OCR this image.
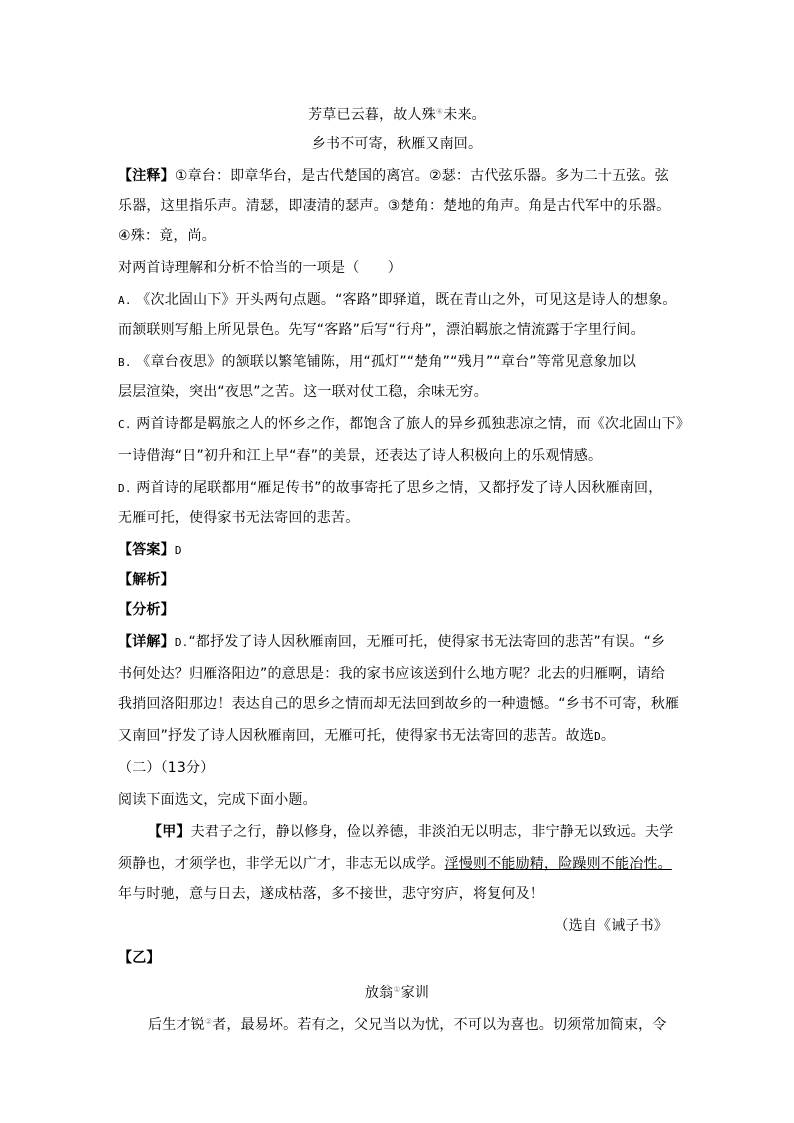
芳草已云暮，故人殊④未来。
乡书不可寄，秋雁又南回。
【注释】①章台：即章华台，是古代楚国的离宫。②瑟：古代弦乐器。多为二十五弦。弦
乐器，这里指乐声。清瑟，即凄清的瑟声。③楚角：楚地的角声。角是古代军中的乐器。
④殊：竟，尚。
对两首诗理解和分析不恰当的一项是（　　）
A. 《次北固山下》开头两句点题。“客路”即驿道，既在青山之外，可见这是诗人的想象。
而颔联则写船上所见景色。先写“客路”后写“行舟”，漂泊羁旅之情流露于字里行间。
B. 《章台夜思》的颔联以繁笔铺陈，用“孤灯”“楚角”“残月”“章台”等常见意象加以
层层渲染，突出“夜思”之苦。这一联对仗工稳，余味无穷。
C. 两首诗都是羁旅之人的怀乡之作，都饱含了旅人的异乡孤独悲凉之情，而《次北固山下》
一诗借海“日”初升和江上早“春”的美景，还表达了诗人积极向上的乐观情感。
D. 两首诗的尾联都用“雁足传书”的故事寄托了思乡之情，又都抒发了诗人因秋雁南回，
无雁可托，使得家书无法寄回的悲苦。
【答案】D
【解析】
【分析】
【详解】D.“都抒发了诗人因秋雁南回，无雁可托，使得家书无法寄回的悲苦”有误。“乡
书何处达？归雁洛阳边”的意思是：我的家书应该送到什么地方呢？北去的归雁啊，请给
我捎回洛阳那边！表达自己的思乡之情而却无法回到故乡的一种遗憾。“乡书不可寄，秋雁
又南回”抒发了诗人因秋雁南回，无雁可托，使得家书无法寄回的悲苦。故选D。
（二）（13分）
阅读下面选文，完成下面小题。
【甲】夫君子之行，静以修身，俭以养德，非淡泊无以明志，非宁静无以致远。夫学
须静也，才须学也，非学无以广才，非志无以成学。淫慢则不能励精，险躁则不能冶性。
年与时驰，意与日去，遂成枯落，多不接世，悲守穷庐，将复何及！
（选自《诫子书》
【乙】
放翁①家训
后生才锐②者，最易坏。若有之，父兄当以为忧，不可以为喜也。切须常加简束，令
